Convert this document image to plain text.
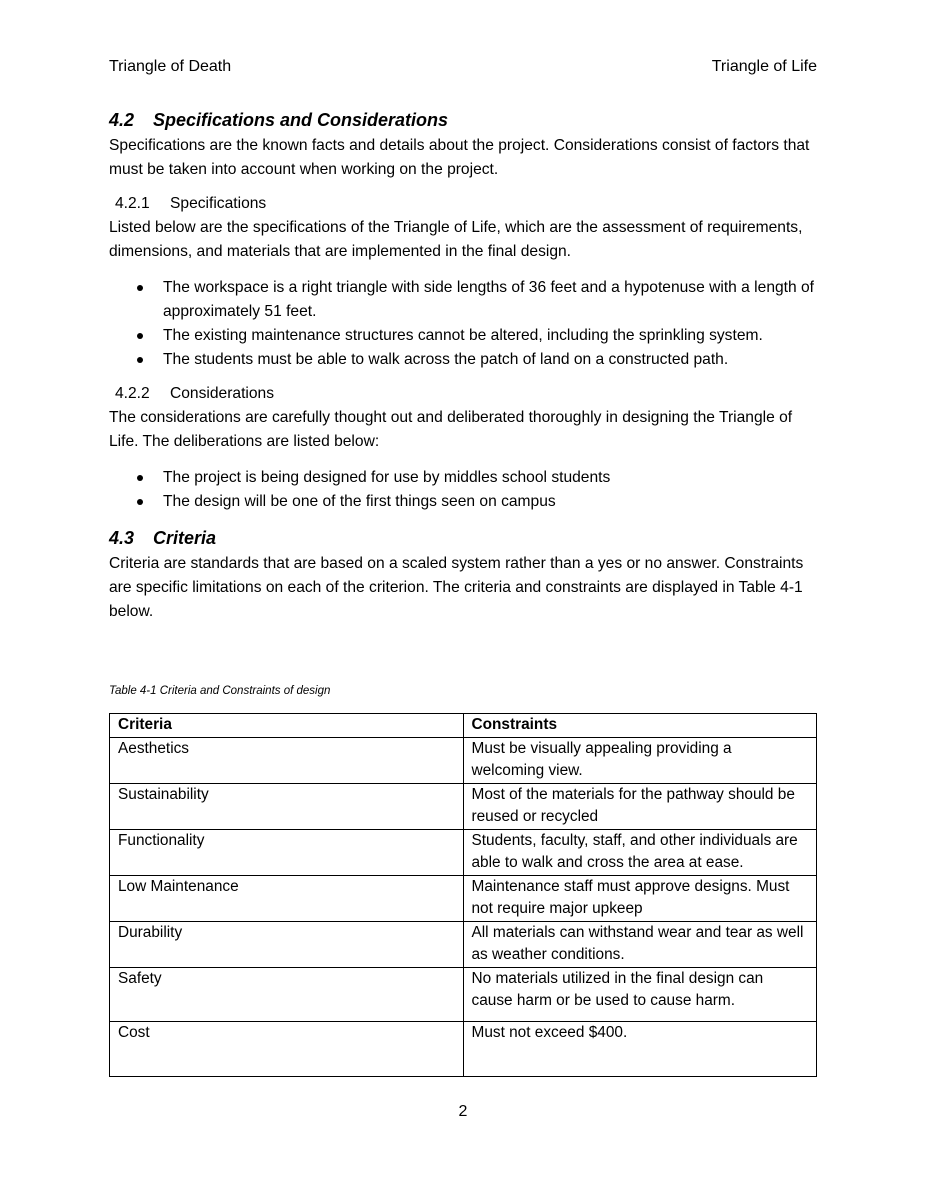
Triangle of Death	Triangle of Life
4.2 Specifications and Considerations

Specifications are the known facts and details about the project. Considerations consist of factors that must be taken into account when working on the project.

4.2.1 Specifications

Listed below are the specifications of the Triangle of Life, which are the assessment of requirements, dimensions, and materials that are implemented in the final design.

The workspace is a right triangle with side lengths of 36 feet and a hypotenuse with a length of approximately 51 feet.
The existing maintenance structures cannot be altered, including the sprinkling system.
The students must be able to walk across the patch of land on a constructed path.
4.2.2 Considerations

The considerations are carefully thought out and deliberated thoroughly in designing the Triangle of Life. The deliberations are listed below:

The project is being designed for use by middles school students
The design will be one of the first things seen on campus
4.3 Criteria

Criteria are standards that are based on a scaled system rather than a yes or no answer. Constraints are specific limitations on each of the criterion. The criteria and constraints are displayed in Table 4-1 below.

Table 4-1 Criteria and Constraints of design
Criteria	Constraints
Aesthetics	Must be visually appealing providing a welcoming view.
Sustainability	Most of the materials for the pathway should be reused or recycled
Functionality	Students, faculty, staff, and other individuals are able to walk and cross the area at ease.
Low Maintenance	Maintenance staff must approve designs. Must not require major upkeep
Durability	All materials can withstand wear and tear as well as weather conditions.
Safety	No materials utilized in the final design can cause harm or be used to cause harm.
Cost	Must not exceed $400.
2
